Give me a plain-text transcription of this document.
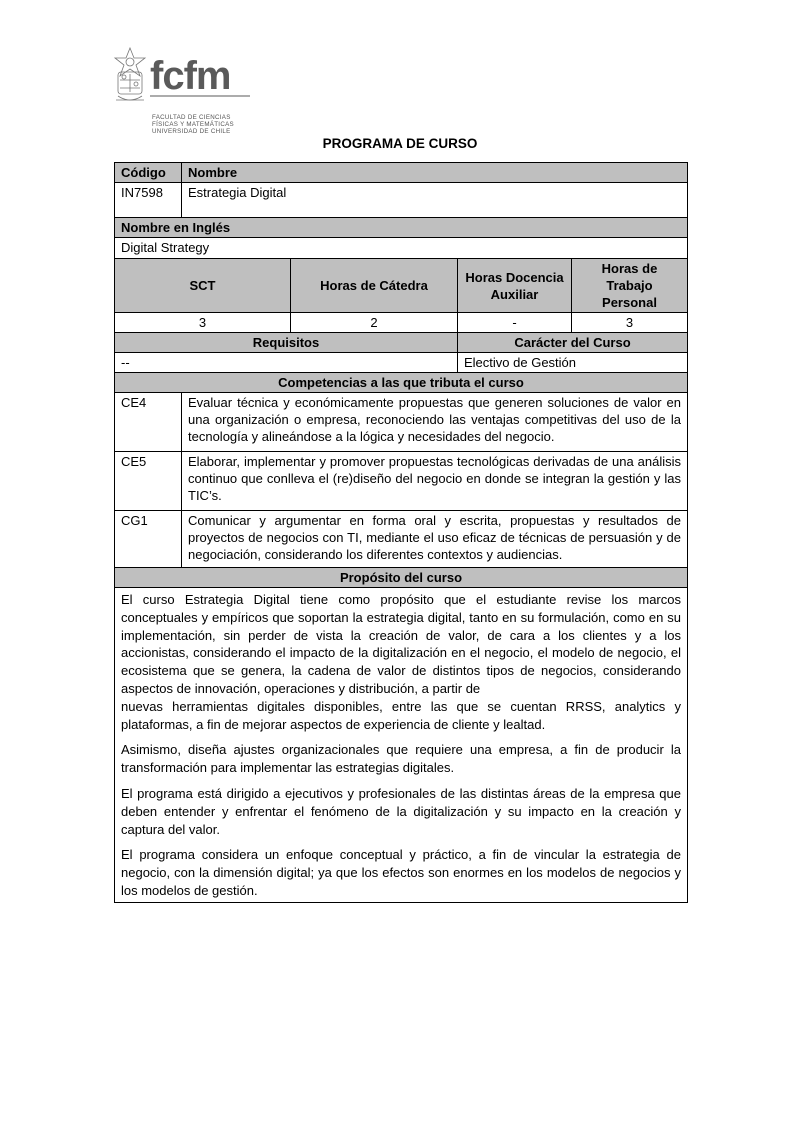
fcfm
FACULTAD DE CIENCIAS
FÍSICAS Y MATEMÁTICAS
UNIVERSIDAD DE CHILE
PROGRAMA DE CURSO
Código	Nombre			
IN7598	Estrategia Digital			
Nombre en Inglés				
Digital Strategy				
SCT		Horas de Cátedra	Horas Docencia Auxiliar	Horas de Trabajo Personal
3		2	-	3
Requisitos			Carácter del Curso	
--			Electivo de Gestión	
Competencias a las que tributa el curso				
CE4	Evaluar técnica y económicamente propuestas que generen soluciones de valor en una organización o empresa, reconociendo las ventajas competitivas del uso de la tecnología y alineándose a la lógica y necesidades del negocio.			
CE5	Elaborar, implementar y promover propuestas tecnológicas derivadas de una análisis continuo que conlleva el (re)diseño del negocio en donde se integran la gestión y las TIC’s.			
CG1	Comunicar y argumentar en forma oral y escrita, propuestas y resultados de proyectos de negocios con TI, mediante el uso eficaz de técnicas de persuasión y de negociación, considerando los diferentes contextos y audiencias.			
Propósito del curso				

El curso Estrategia Digital tiene como propósito que el estudiante revise los marcos conceptuales y empíricos que soportan la estrategia digital, tanto en su formulación, como en su implementación, sin perder de vista la creación de valor, de cara a los clientes y a los accionistas, considerando el impacto de la digitalización en el negocio, el modelo de negocio, el ecosistema que se genera, la cadena de valor de distintos tipos de negocios, considerando aspectos de innovación, operaciones y distribución, a partir de

nuevas herramientas digitales disponibles, entre las que se cuentan RRSS, analytics y plataformas, a fin de mejorar aspectos de experiencia de cliente y lealtad.

Asimismo, diseña ajustes organizacionales que requiere una empresa, a fin de producir la transformación para implementar las estrategias digitales.

El programa está dirigido a ejecutivos y profesionales de las distintas áreas de la empresa que deben entender y enfrentar el fenómeno de la digitalización y su impacto en la creación y captura del valor.

El programa considera un enfoque conceptual y práctico, a fin de vincular la estrategia de negocio, con la dimensión digital; ya que los efectos son enormes en los modelos de negocios y los modelos de gestión.				
